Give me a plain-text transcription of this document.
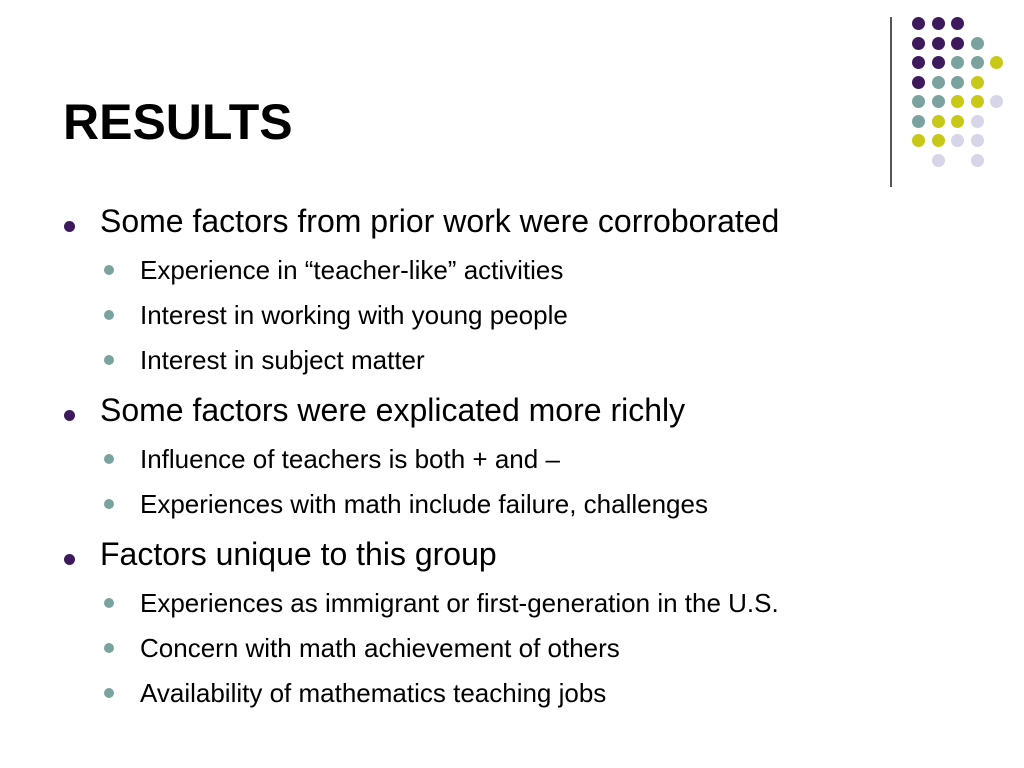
RESULTS
Some factors from prior work were corroborated
Experience in “teacher-like” activities
Interest in working with young people
Interest in subject matter
Some factors were explicated more richly
Influence of teachers is both + and –
Experiences with math include failure, challenges
Factors unique to this group
Experiences as immigrant or first-generation in the U.S.
Concern with math achievement of others
Availability of mathematics teaching jobs
